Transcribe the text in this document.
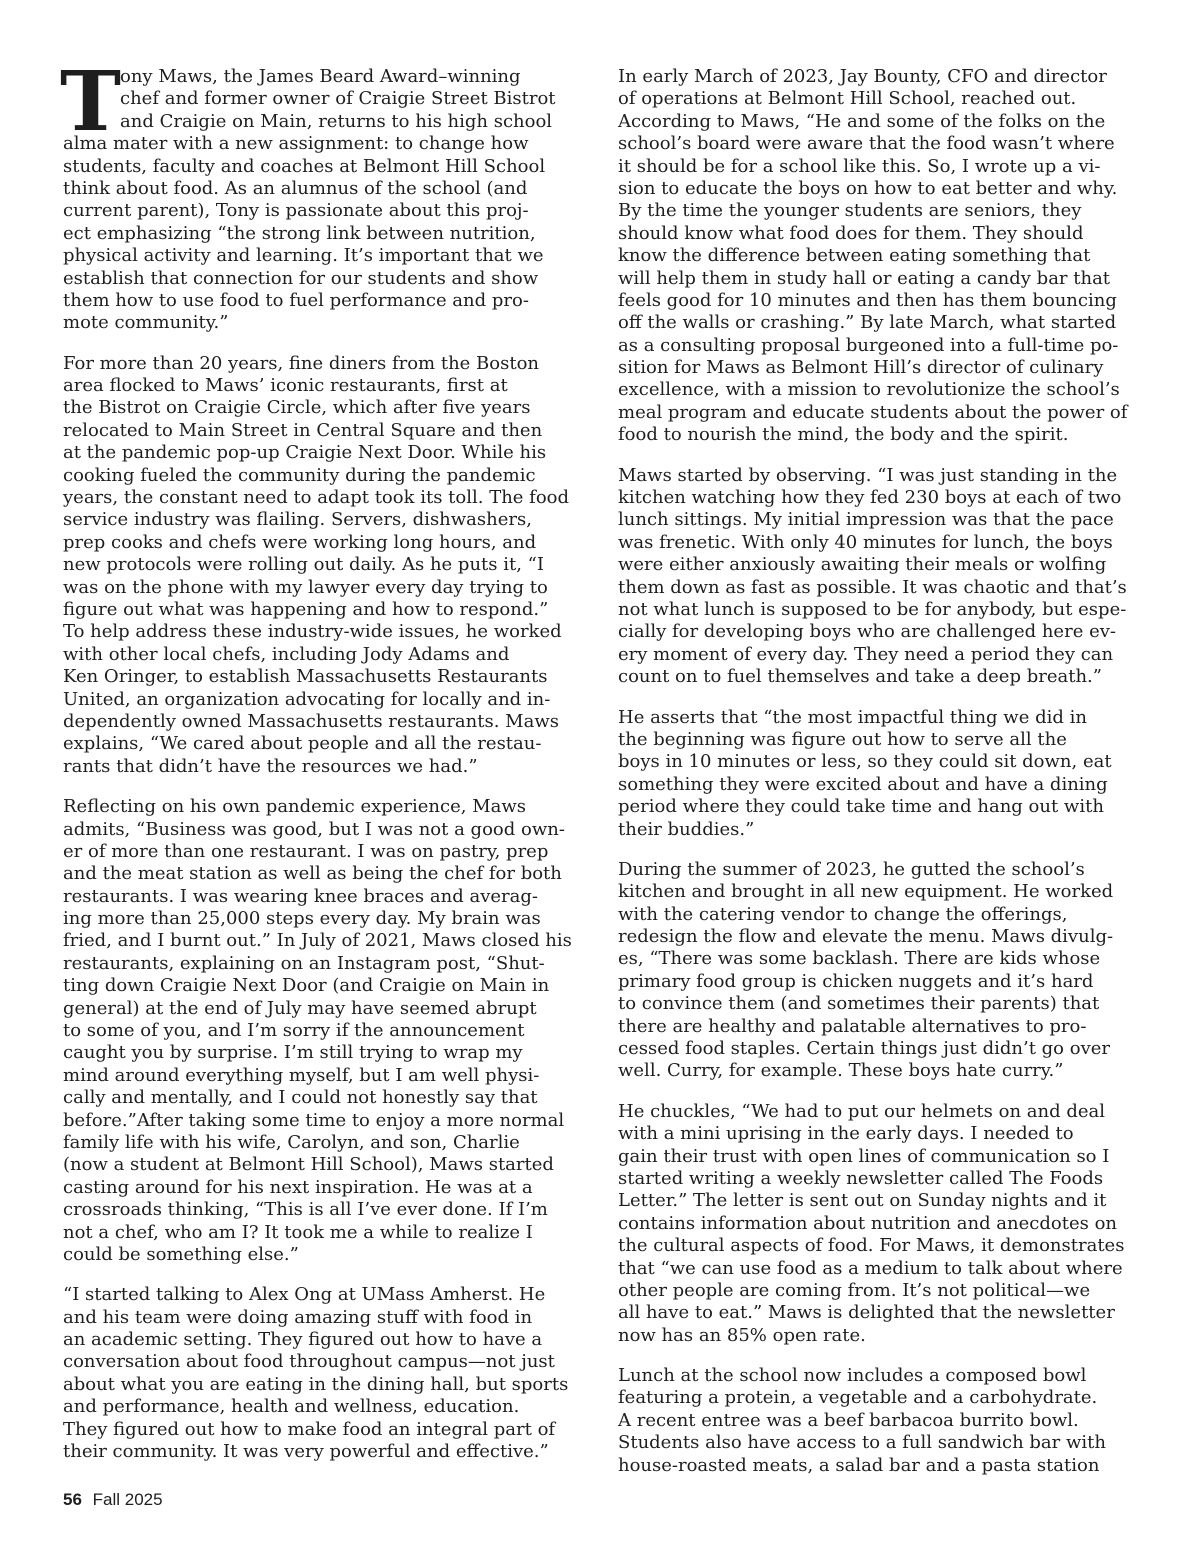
T
ony Maws, the James Beard Award–winning
chef and former owner of Craigie Street Bistrot
and Craigie on Main, returns to his high school
alma mater with a new assignment: to change how
students, faculty and coaches at Belmont Hill School
think about food. As an alumnus of the school (and
current parent), Tony is passionate about this proj-
ect emphasizing “the strong link between nutrition,
physical activity and learning. It’s important that we
establish that connection for our students and show
them how to use food to fuel performance and pro-
mote community.”
For more than 20 years, fine diners from the Boston
area flocked to Maws’ iconic restaurants, first at
the Bistrot on Craigie Circle, which after five years
relocated to Main Street in Central Square and then
at the pandemic pop-up Craigie Next Door. While his
cooking fueled the community during the pandemic
years, the constant need to adapt took its toll. The food
service industry was flailing. Servers, dishwashers,
prep cooks and chefs were working long hours, and
new protocols were rolling out daily. As he puts it, “I
was on the phone with my lawyer every day trying to
figure out what was happening and how to respond.”
To help address these industry-wide issues, he worked
with other local chefs, including Jody Adams and
Ken Oringer, to establish Massachusetts Restaurants
United, an organization advocating for locally and in-
dependently owned Massachusetts restaurants. Maws
explains, “We cared about people and all the restau-
rants that didn’t have the resources we had.”
Reflecting on his own pandemic experience, Maws
admits, “Business was good, but I was not a good own-
er of more than one restaurant. I was on pastry, prep
and the meat station as well as being the chef for both
restaurants. I was wearing knee braces and averag-
ing more than 25,000 steps every day. My brain was
fried, and I burnt out.” In July of 2021, Maws closed his
restaurants, explaining on an Instagram post, “Shut-
ting down Craigie Next Door (and Craigie on Main in
general) at the end of July may have seemed abrupt
to some of you, and I’m sorry if the announcement
caught you by surprise. I’m still trying to wrap my
mind around everything myself, but I am well physi-
cally and mentally, and I could not honestly say that
before.”After taking some time to enjoy a more normal
family life with his wife, Carolyn, and son, Charlie
(now a student at Belmont Hill School), Maws started
casting around for his next inspiration. He was at a
crossroads thinking, “This is all I’ve ever done. If I’m
not a chef, who am I? It took me a while to realize I
could be something else.”
“I started talking to Alex Ong at UMass Amherst. He
and his team were doing amazing stuff with food in
an academic setting. They figured out how to have a
conversation about food throughout campus—not just
about what you are eating in the dining hall, but sports
and performance, health and wellness, education.
They figured out how to make food an integral part of
their community. It was very powerful and effective.”
In early March of 2023, Jay Bounty, CFO and director
of operations at Belmont Hill School, reached out.
According to Maws, “He and some of the folks on the
school’s board were aware that the food wasn’t where
it should be for a school like this. So, I wrote up a vi-
sion to educate the boys on how to eat better and why.
By the time the younger students are seniors, they
should know what food does for them. They should
know the difference between eating something that
will help them in study hall or eating a candy bar that
feels good for 10 minutes and then has them bouncing
off the walls or crashing.” By late March, what started
as a consulting proposal burgeoned into a full-time po-
sition for Maws as Belmont Hill’s director of culinary
excellence, with a mission to revolutionize the school’s
meal program and educate students about the power of
food to nourish the mind, the body and the spirit.
Maws started by observing. “I was just standing in the
kitchen watching how they fed 230 boys at each of two
lunch sittings. My initial impression was that the pace
was frenetic. With only 40 minutes for lunch, the boys
were either anxiously awaiting their meals or wolfing
them down as fast as possible. It was chaotic and that’s
not what lunch is supposed to be for anybody, but espe-
cially for developing boys who are challenged here ev-
ery moment of every day. They need a period they can
count on to fuel themselves and take a deep breath.”
He asserts that “the most impactful thing we did in
the beginning was figure out how to serve all the
boys in 10 minutes or less, so they could sit down, eat
something they were excited about and have a dining
period where they could take time and hang out with
their buddies.”
During the summer of 2023, he gutted the school’s
kitchen and brought in all new equipment. He worked
with the catering vendor to change the offerings,
redesign the flow and elevate the menu. Maws divulg-
es, “There was some backlash. There are kids whose
primary food group is chicken nuggets and it’s hard
to convince them (and sometimes their parents) that
there are healthy and palatable alternatives to pro-
cessed food staples. Certain things just didn’t go over
well. Curry, for example. These boys hate curry.”
He chuckles, “We had to put our helmets on and deal
with a mini uprising in the early days. I needed to
gain their trust with open lines of communication so I
started writing a weekly newsletter called The Foods
Letter.” The letter is sent out on Sunday nights and it
contains information about nutrition and anecdotes on
the cultural aspects of food. For Maws, it demonstrates
that “we can use food as a medium to talk about where
other people are coming from. It’s not political—we
all have to eat.” Maws is delighted that the newsletter
now has an 85% open rate.
Lunch at the school now includes a composed bowl
featuring a protein, a vegetable and a carbohydrate.
A recent entree was a beef barbacoa burrito bowl.
Students also have access to a full sandwich bar with
house-roasted meats, a salad bar and a pasta station
56 Fall 2025
